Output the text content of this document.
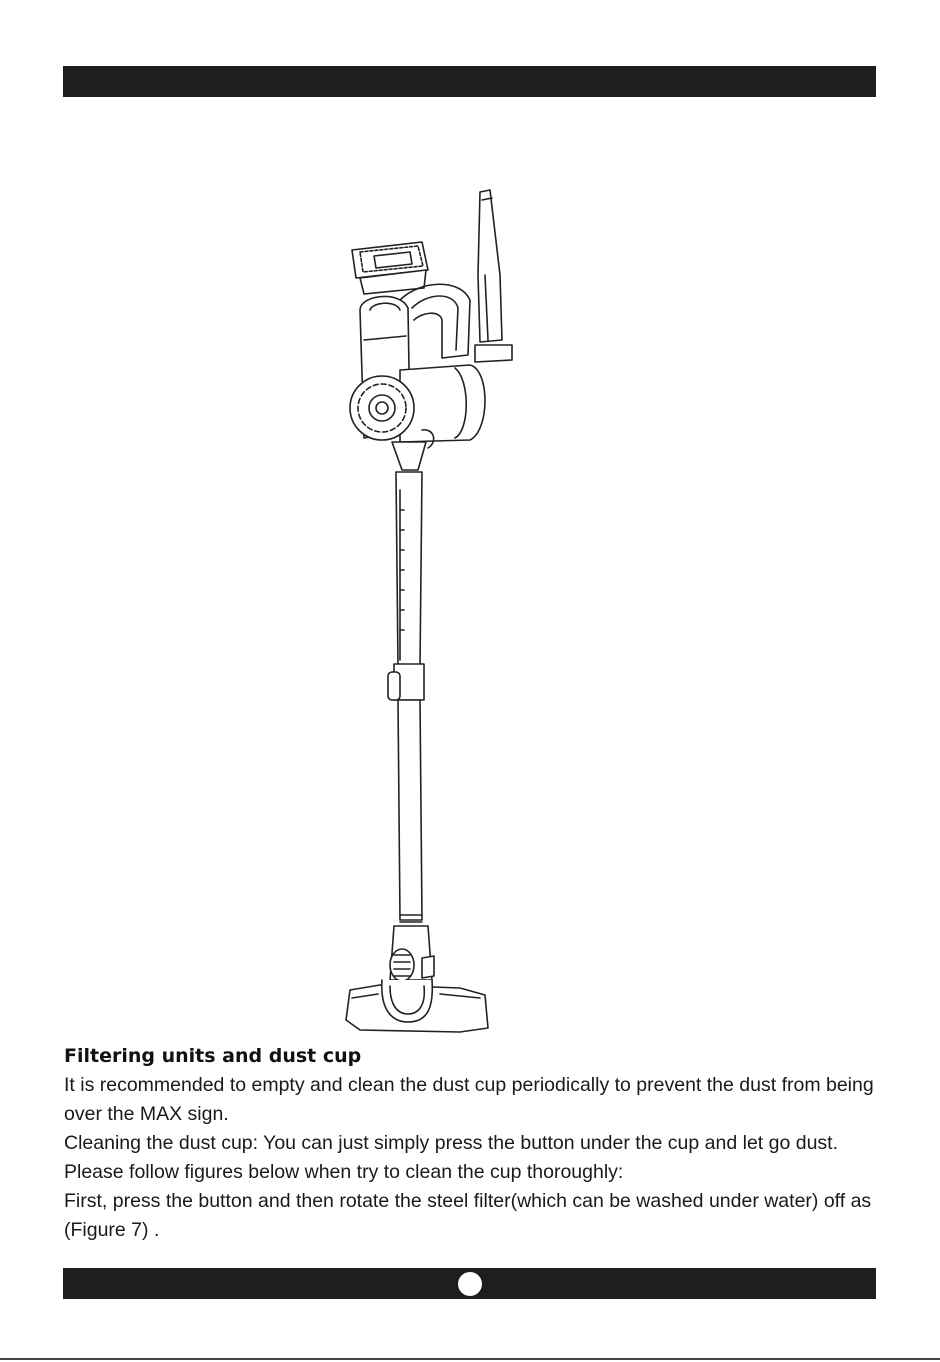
Filtering units and dust cup

It is recommended to empty and clean the dust cup periodically to prevent the dust from being over the MAX sign.

Cleaning the dust cup: You can just simply press the button under the cup and let go dust.

Please follow figures below when try to clean the cup thoroughly:

First, press the button and then rotate the steel filter(which can be washed under water) off as (Figure 7) .
